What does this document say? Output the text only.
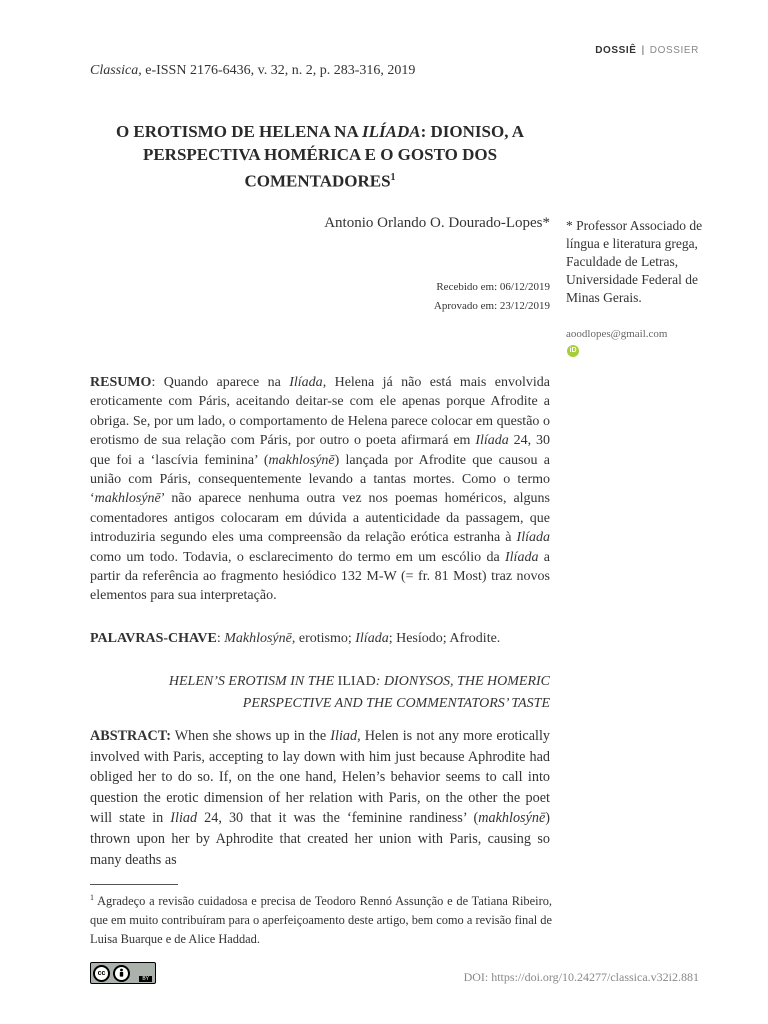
DOSSIÊ | DOSSIER
Classica, e-ISSN 2176-6436, v. 32, n. 2, p. 283-316, 2019
O EROTISMO DE HELENA NA ILÍADA: DIONISO, A PERSPECTIVA HOMÉRICA E O GOSTO DOS COMENTADORES$^1$
Antonio Orlando O. Dourado-Lopes*
Recebido em: 06/12/2019
Aprovado em: 23/12/2019
* Professor Associado de língua e literatura grega, Faculdade de Letras, Universidade Federal de Minas Gerais.
aoodlopes@gmail.com
iD
RESUMO: Quando aparece na Ilíada, Helena já não está mais envolvida eroticamente com Páris, aceitando deitar-se com ele apenas porque Afrodite a obriga. Se, por um lado, o comportamento de Helena parece colocar em questão o erotismo de sua relação com Páris, por outro o poeta afirmará em Ilíada 24, 30 que foi a ‘lascívia feminina’ (makhlosýnē) lançada por Afrodite que causou a união com Páris, consequentemente levando a tantas mortes. Como o termo ‘makhlosýnē’ não aparece nenhuma outra vez nos poemas homéricos, alguns comentadores antigos colocaram em dúvida a autenticidade da passagem, que introduziria segundo eles uma compreensão da relação erótica estranha à Ilíada como um todo. Todavia, o esclarecimento do termo em um escólio da Ilíada a partir da referência ao fragmento hesiódico 132 M-W (= fr. 81 Most) traz novos elementos para sua interpretação.
PALAVRAS-CHAVE: Makhlosýnē, erotismo; Ilíada; Hesíodo; Afrodite.
HELEN’S EROTISM IN THE ILIAD: DIONYSOS, THE HOMERIC PERSPECTIVE AND THE COMMENTATORS’ TASTE
ABSTRACT: When she shows up in the Iliad, Helen is not any more erotically involved with Paris, accepting to lay down with him just because Aphrodite had obliged her to do so. If, on the one hand, Helen’s behavior seems to call into question the erotic dimension of her relation with Paris, on the other the poet will state in Iliad 24, 30 that it was the ‘feminine randiness’ (makhlosýnē) thrown upon her by Aphrodite that created her union with Paris, causing so many deaths as
$^1$ Agradeço a revisão cuidadosa e precisa de Teodoro Rennó Assunção e de Tatiana Ribeiro, que em muito contribuíram para o aperfeiçoamento deste artigo, bem como a revisão final de Luisa Buarque e de Alice Haddad.
cc
BY	DOI: https://doi.org/10.24277/classica.v32i2.881
